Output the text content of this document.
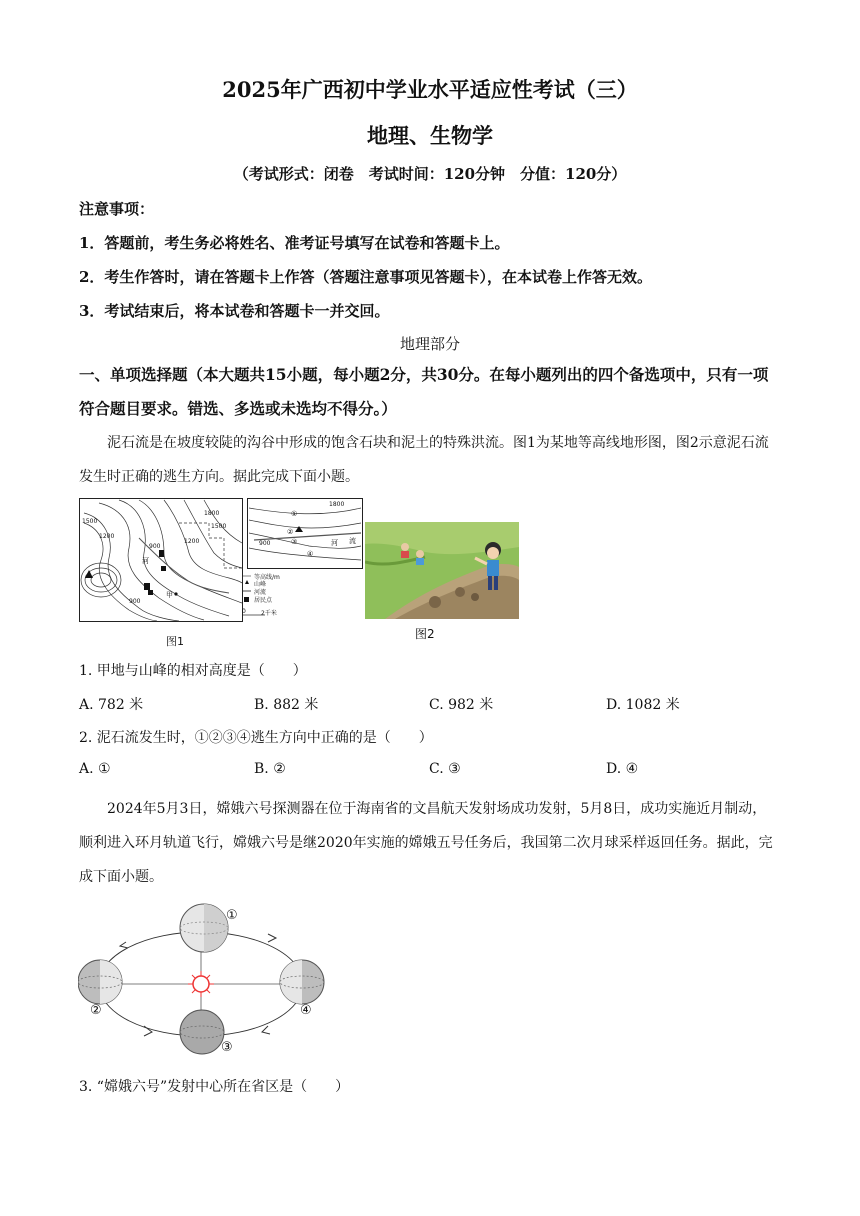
2025年广西初中学业水平适应性考试（三）
地理、生物学
（考试形式：闭卷　考试时间：120分钟　分值：120分）
注意事项：
1．答题前，考生务必将姓名、准考证号填写在试卷和答题卡上。
2．考生作答时，请在答题卡上作答（答题注意事项见答题卡），在本试卷上作答无效。
3．考试结束后，将本试卷和答题卡一并交回。
地理部分
一、单项选择题（本大题共15小题，每小题2分，共30分。在每小题列出的四个备选项中，只有一项符合题目要求。错选、多选或未选均不得分。）
泥石流是在坡度较陡的沟谷中形成的饱含石块和泥土的特殊洪流。图1为某地等高线地形图，图2示意泥石流发生时正确的逃生方向。据此完成下面小题。
1500
1200
900
1800
1500
1200
900
1800
900
甲
河
河 流
①
②
③
④
等高线/m
山峰
河流
居民点
0	2千米
图1
图2
1. 甲地与山峰的相对高度是（　　）
A. 782 米	B. 882 米	C. 982 米	D. 1082 米
2. 泥石流发生时，①②③④逃生方向中正确的是（　　）
A. ①	B. ②	C. ③	D. ④
2024年5月3日，嫦娥六号探测器在位于海南省的文昌航天发射场成功发射，5月8日，成功实施近月制动，顺利进入环月轨道飞行，嫦娥六号是继2020年实施的嫦娥五号任务后，我国第二次月球采样返回任务。据此，完成下面小题。
①
②
③
④
3. “嫦娥六号”发射中心所在省区是（　　）
